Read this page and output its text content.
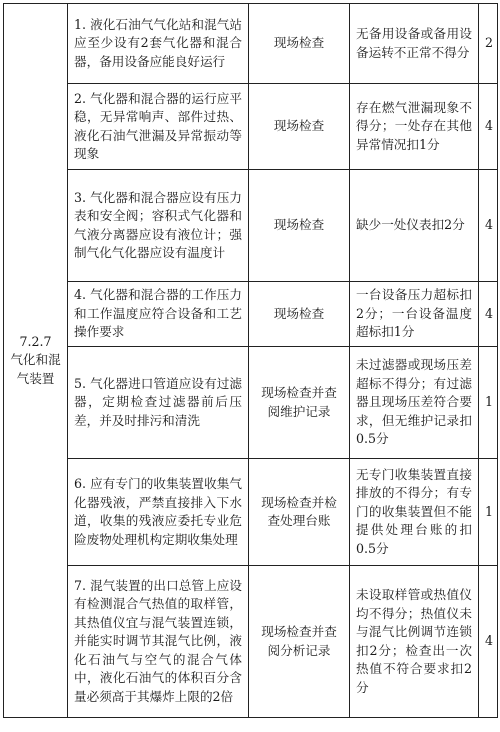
7.2.7
气化和混气装置	1. 液化石油气气化站和混气站应至少设有2套气化器和混合器，备用设备应能良好运行	现场检查	无备用设备或备用设备运转不正常不得分	2
	2. 气化器和混合器的运行应平稳，无异常响声、部件过热、液化石油气泄漏及异常振动等现象	现场检查	存在燃气泄漏现象不得分；一处存在其他异常情况扣1分	4
	3. 气化器和混合器应设有压力表和安全阀；容积式气化器和气液分离器应设有液位计；强制气化气化器应设有温度计	现场检查	缺少一处仪表扣2分	4
	4. 气化器和混合器的工作压力和工作温度应符合设备和工艺操作要求	现场检查	一台设备压力超标扣2分；一台设备温度超标扣1分	4
	5. 气化器进口管道应设有过滤器，定期检查过滤器前后压差，并及时排污和清洗	现场检查并查阅维护记录	未过滤器或现场压差超标不得分；有过滤器且现场压差符合要求，但无维护记录扣0.5分	1
	6. 应有专门的收集装置收集气化器残液，严禁直接排入下水道，收集的残液应委托专业危险废物处理机构定期收集处理	现场检查并检查处理台账	无专门收集装置直接排放的不得分；有专门的收集装置但不能提供处理台账的扣0.5分	1
	7. 混气装置的出口总管上应设有检测混合气热值的取样管，其热值仪宜与混气装置连锁，并能实时调节其混气比例，液化石油气与空气的混合气体中，液化石油气的体积百分含量必须高于其爆炸上限的2倍	现场检查并查阅分析记录	未设取样管或热值仪均不得分；热值仪未与混气比例调节连锁扣2分；检查出一次热值不符合要求扣2分	4
